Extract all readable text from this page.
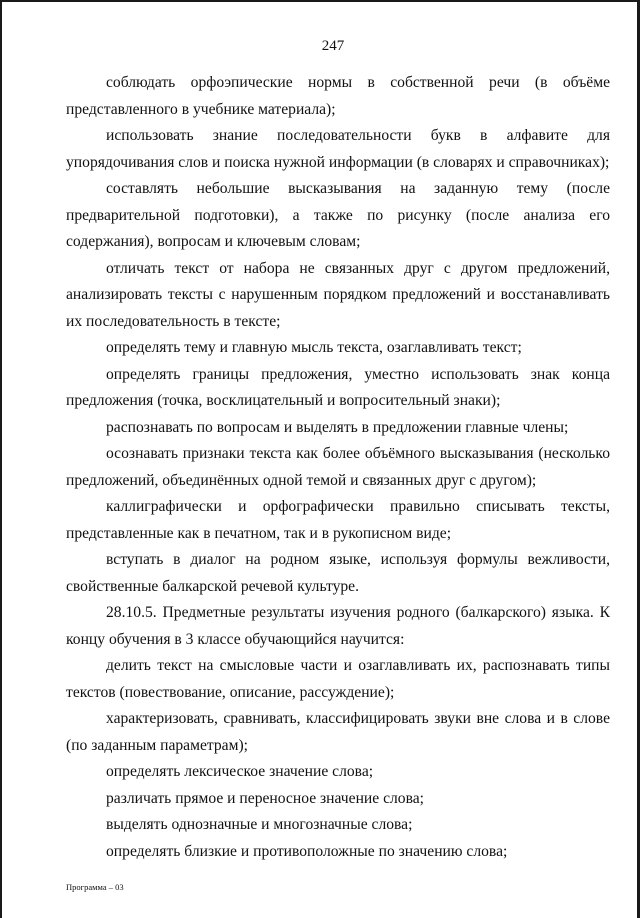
247

соблюдать орфоэпические нормы в собственной речи (в объёме представленного в учебнике материала);

использовать знание последовательности букв в алфавите для упорядочивания слов и поиска нужной информации (в словарях и справочниках);

составлять небольшие высказывания на заданную тему (после предварительной подготовки), а также по рисунку (после анализа его содержания), вопросам и ключевым словам;

отличать текст от набора не связанных друг с другом предложений, анализировать тексты с нарушенным порядком предложений и восстанавливать их последовательность в тексте;

определять тему и главную мысль текста, озаглавливать текст;

определять границы предложения, уместно использовать знак конца предложения (точка, восклицательный и вопросительный знаки);

распознавать по вопросам и выделять в предложении главные члены;

осознавать признаки текста как более объёмного высказывания (несколько предложений, объединённых одной темой и связанных друг с другом);

каллиграфически и орфографически правильно списывать тексты, представленные как в печатном, так и в рукописном виде;

вступать в диалог на родном языке, используя формулы вежливости, свойственные балкарской речевой культуре.

28.10.5. Предметные результаты изучения родного (балкарского) языка. К концу обучения в 3 классе обучающийся научится:

делить текст на смысловые части и озаглавливать их, распознавать типы текстов (повествование, описание, рассуждение);

характеризовать, сравнивать, классифицировать звуки вне слова и в слове (по заданным параметрам);

определять лексическое значение слова;

различать прямое и переносное значение слова;

выделять однозначные и многозначные слова;

определять близкие и противоположные по значению слова;

Программа – 03
